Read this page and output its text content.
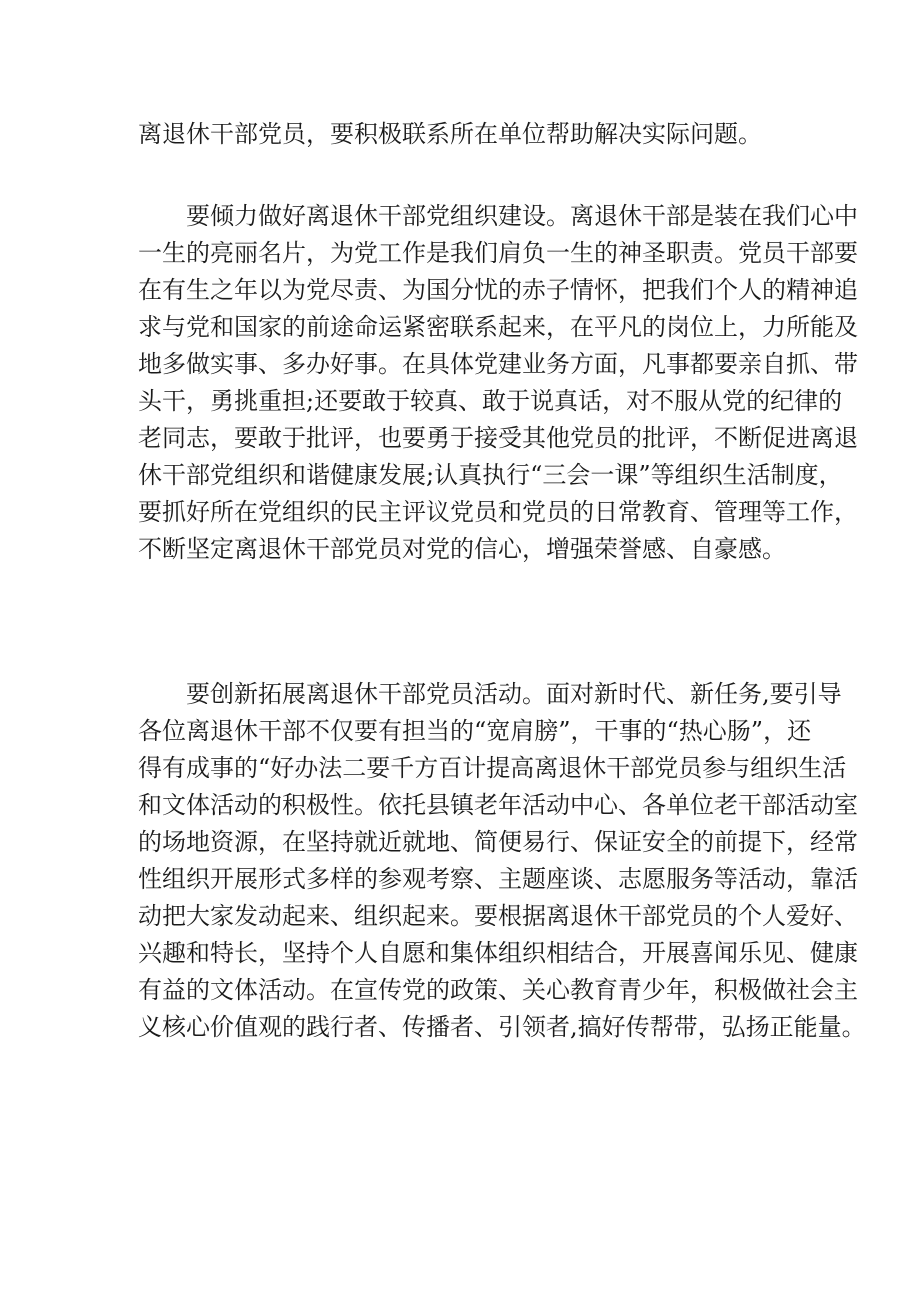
离退休干部党员，要积极联系所在单位帮助解决实际问题。
要倾力做好离退休干部党组织建设。离退休干部是装在我们心中
一生的亮丽名片，为党工作是我们肩负一生的神圣职责。党员干部要
在有生之年以为党尽责、为国分忧的赤子情怀，把我们个人的精神追
求与党和国家的前途命运紧密联系起来，在平凡的岗位上，力所能及
地多做实事、多办好事。在具体党建业务方面，凡事都要亲自抓、带
头干，勇挑重担;还要敢于较真、敢于说真话，对不服从党的纪律的
老同志，要敢于批评，也要勇于接受其他党员的批评，不断促进离退
休干部党组织和谐健康发展;认真执行“三会一课”等组织生活制度，
要抓好所在党组织的民主评议党员和党员的日常教育、管理等工作，
不断坚定离退休干部党员对党的信心，增强荣誉感、自豪感。
要创新拓展离退休干部党员活动。面对新时代、新任务,要引导
各位离退休干部不仅要有担当的“宽肩膀”，干事的“热心肠”，还
得有成事的“好办法二要千方百计提高离退休干部党员参与组织生活
和文体活动的积极性。依托县镇老年活动中心、各单位老干部活动室
的场地资源，在坚持就近就地、简便易行、保证安全的前提下，经常
性组织开展形式多样的参观考察、主题座谈、志愿服务等活动，靠活
动把大家发动起来、组织起来。要根据离退休干部党员的个人爱好、
兴趣和特长，坚持个人自愿和集体组织相结合，开展喜闻乐见、健康
有益的文体活动。在宣传党的政策、关心教育青少年，积极做社会主
义核心价值观的践行者、传播者、引领者,搞好传帮带，弘扬正能量。
